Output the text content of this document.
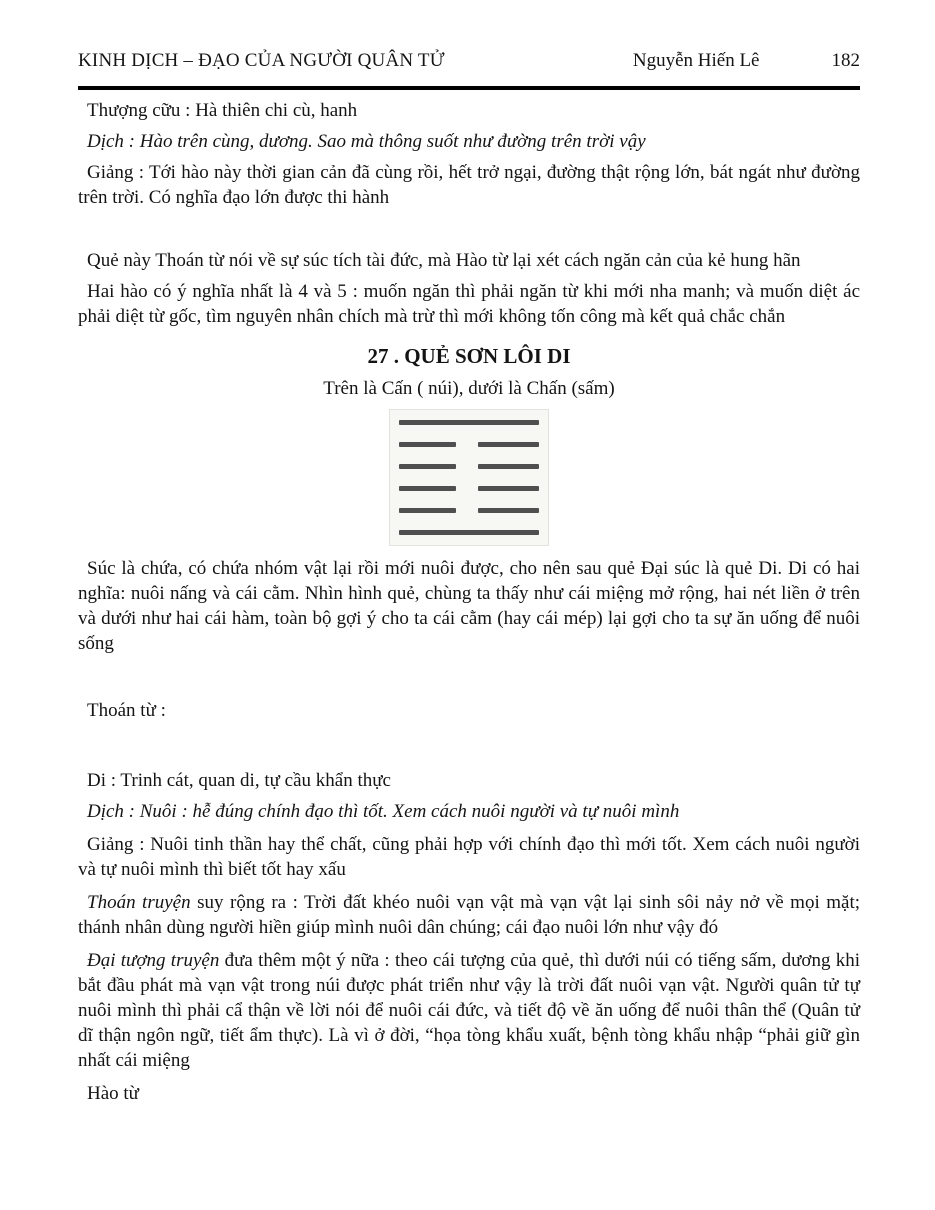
KINH DỊCH – ĐẠO CỦA NGƯỜI QUÂN TỬ	Nguyễn Hiến Lê	182

Thượng cữu : Hà thiên chi cù, hanh

Dịch : Hào trên cùng, dương. Sao mà thông suốt như đường trên trời vậy

Giảng : Tới hào này thời gian cản đã cùng rồi, hết trở ngại, đường thật rộng lớn, bát ngát như đường trên trời. Có nghĩa đạo lớn được thi hành

Quẻ này Thoán từ nói về sự súc tích tài đức, mà Hào từ lại xét cách ngăn cản của kẻ hung hãn

Hai hào có ý nghĩa nhất là 4 và 5 : muốn ngăn thì phải ngăn từ khi mới nha manh; và muốn diệt ác phải diệt từ gốc, tìm nguyên nhân chích mà trừ thì mới không tốn công mà kết quả chắc chắn

27 . QUẺ SƠN LÔI DI

Trên là Cấn ( núi), dưới là Chấn (sấm)

Súc là chứa, có chứa nhóm vật lại rồi mới nuôi được, cho nên sau quẻ Đại súc là quẻ Di. Di có hai nghĩa: nuôi nấng và cái cằm. Nhìn hình quẻ, chùng ta thấy như cái miệng mở rộng, hai nét liền ở trên và dưới như hai cái hàm, toàn bộ gợi ý cho ta cái cằm (hay cái mép) lại gợi cho ta sự ăn uống để nuôi sống

Thoán từ :

Di : Trinh cát, quan di, tự cầu khẩn thực

Dịch : Nuôi : hễ đúng chính đạo thì tốt. Xem cách nuôi người và tự nuôi mình

Giảng : Nuôi tinh thần hay thể chất, cũng phải hợp với chính đạo thì mới tốt. Xem cách nuôi người và tự nuôi mình thì biết tốt hay xấu

Thoán truyện suy rộng ra : Trời đất khéo nuôi vạn vật mà vạn vật lại sinh sôi nảy nở về mọi mặt; thánh nhân dùng người hiền giúp mình nuôi dân chúng; cái đạo nuôi lớn như vậy đó

Đại tượng truyện đưa thêm một ý nữa : theo cái tượng của quẻ, thì dưới núi có tiếng sấm, dương khi bắt đầu phát mà vạn vật trong núi được phát triển như vậy là trời đất nuôi vạn vật. Người quân tử tự nuôi mình thì phải cẩ thận về lời nói để nuôi cái đức, và tiết độ về ăn uống để nuôi thân thể (Quân tử dĩ thận ngôn ngữ, tiết ẩm thực). Là vì ở đời, “họa tòng khẩu xuất, bệnh tòng khẩu nhập “phải giữ gìn nhất cái miệng

Hào từ
